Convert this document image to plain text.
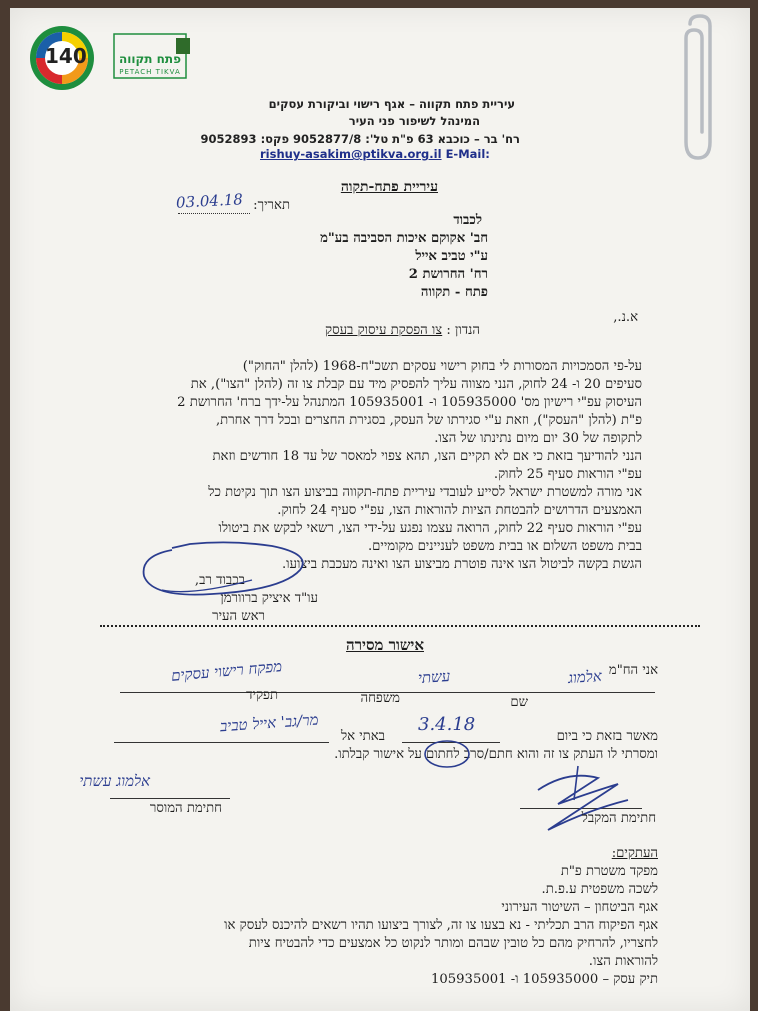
140	פתח תקווה
PETACH TIKVA
עיריית פתח תקווה – אגף רישוי וביקורת עסקים
המינהל לשיפור פני העיר
רח' בר – כוכבא 63 פ"ת טל': 9052877/8 פקס: 9052893
rishuy-asakim@ptikva.org.il E-Mail:
עיריית פתח-תקוה
תאריך:
03.04.18
לכבוד
חב' אקוקם איכות הסביבה בע"מ
ע"י טביב אייל
רח' החרושת 2
פתח - תקווה
א.נ.,
הנדון : צו הפסקת עיסוק בעסק
על-פי הסמכויות המסורות לי בחוק רישוי עסקים תשכ"ח-1968 (להלן "החוק")
סעיפים 20 ו- 24 לחוק, הנני מצווה עליך להפסיק מיד עם קבלת צו זה (להלן "הצו"), את
העיסוק עפ"י רישיון מס' 105935000 ו- 105935001 המתנהל על-ידך ברח' החרושת 2
פ"ת (להלן "העסק"), וזאת ע"י סגירתו של העסק, בסגירת החצרים ובכל דרך אחרת,
לתקופה של 30 יום מיום נתינתו של הצו.
הנני להודיעך בזאת כי אם לא תקיים הצו, תהא צפוי למאסר של עד 18 חודשים וזאת
עפ"י הוראות סעיף 25 לחוק.
אני מורה למשטרת ישראל לסייע לעובדי עיריית פתח-תקווה בביצוע הצו תוך נקיטת כל
האמצעים הדרושים להבטחת הציות להוראות הצו, עפ"י סעיף 24 לחוק.
עפ"י הוראות סעיף 22 לחוק, הרואה עצמו נפגע על-ידי הצו, רשאי לבקש את ביטולו
בבית משפט השלום או בבית משפט לעניינים מקומיים.
הגשת בקשה לביטול הצו אינה פוטרת מביצוע הצו ואינה מעכבת ביצועו.
בכבוד רב,
עו"ד איציק ברוורמן
ראש העיר
אישור מסירה
אני הח"מ
אלמוג
עשתי
מפקח רישוי עסקים
שם
משפחה
תפקיד
מאשר בזאת כי ביום
3.4.18
באתי אל
מר/גב' אייל טביב
ומסרתי לו העתק צו זה והוא חתם/סרב לחתום על אישור קבלתו.
אלמוג עשתי
חתימת המוסר
חתימת המקבל
העתקים:
מפקד משטרת פ"ת
לשכה משפטית ע.פ.ת.
אגף הביטחון – השיטור העירוני
אגף הפיקוח הרב תכליתי - נא בצעו צו זה, לצורך ביצועו תהיו רשאים להיכנס לעסק או
לחצריו, להרחיק מהם כל טובין שבהם ומותר לנקוט כל אמצעים כדי להבטיח ציות
להוראות הצו.
תיק עסק – 105935000 ו- 105935001
